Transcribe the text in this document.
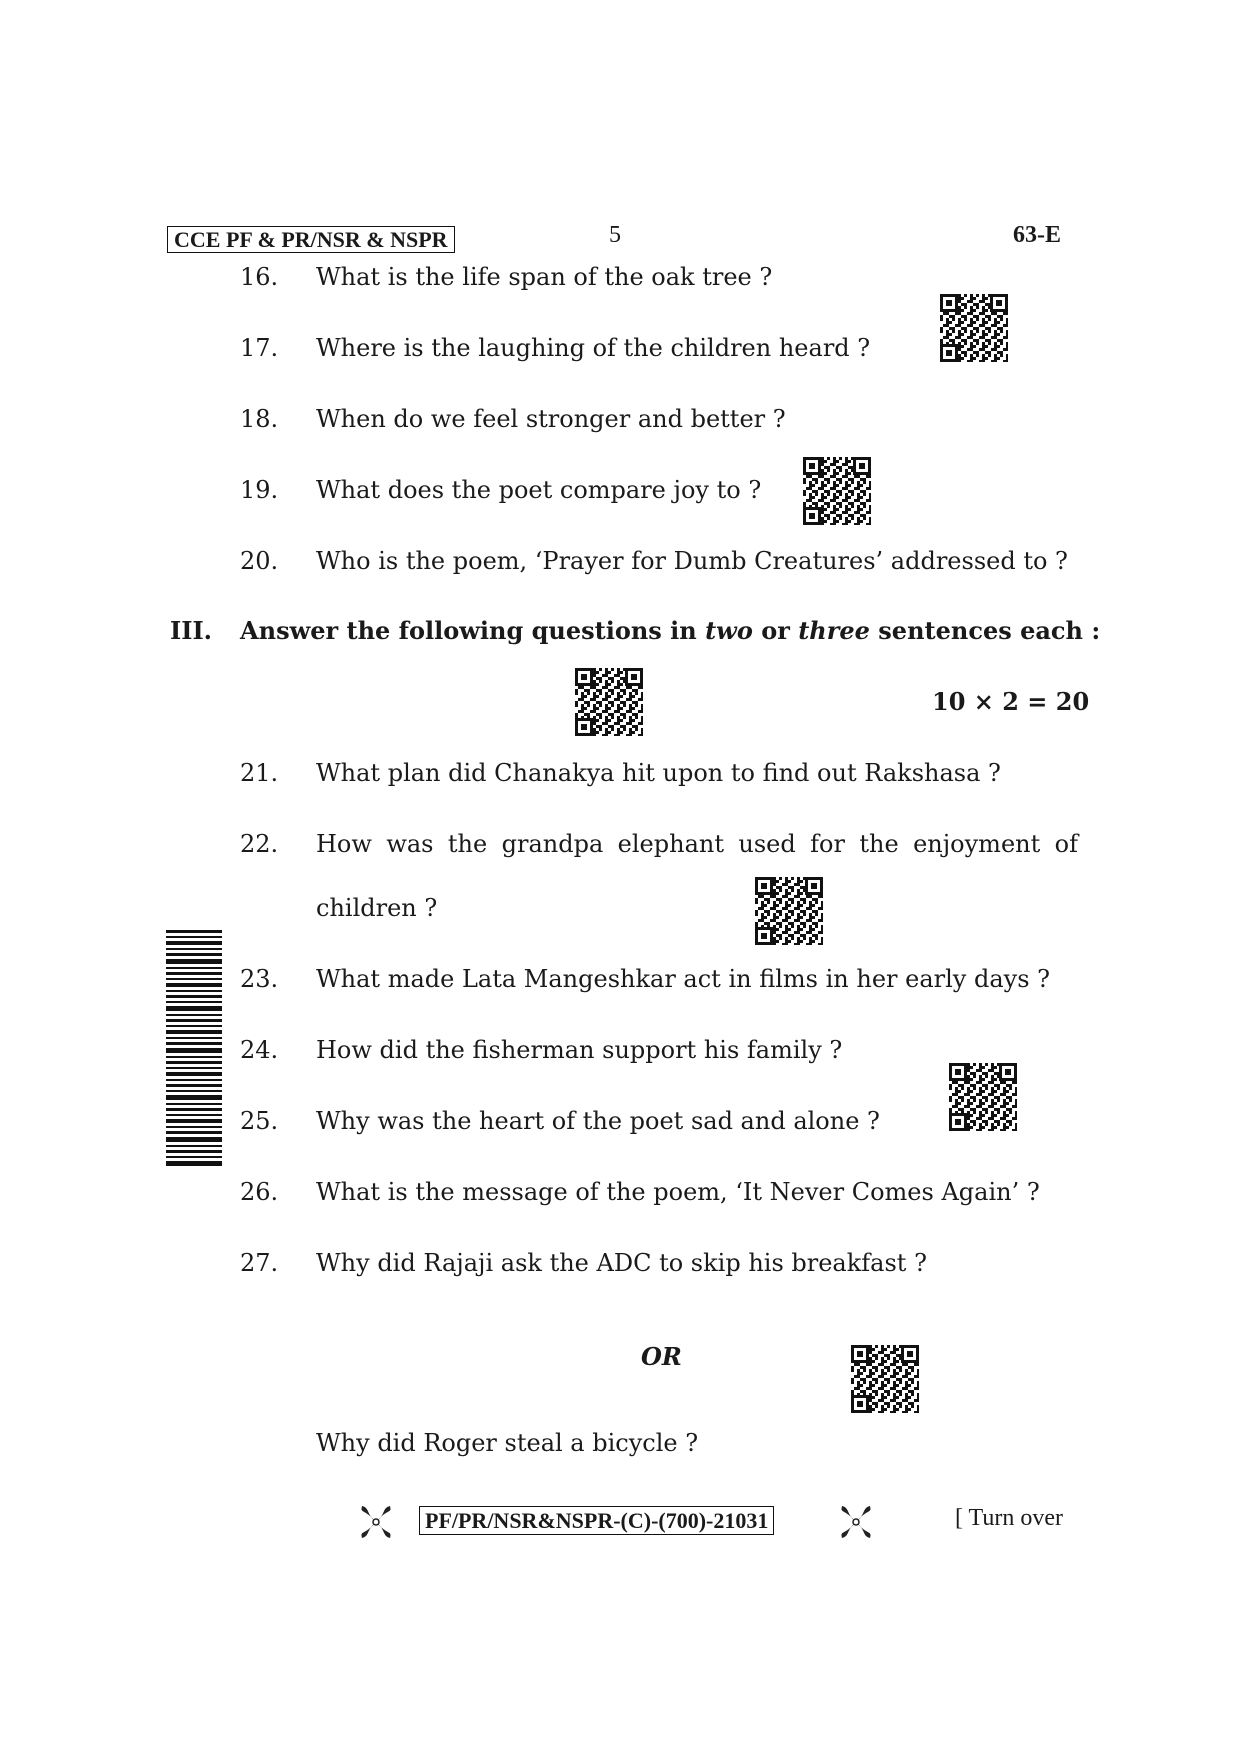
CCE PF & PR/NSR & NSPR	5	63-E
16. What is the life span of the oak tree ?
17. Where is the laughing of the children heard ?
18. When do we feel stronger and better ?
19. What does the poet compare joy to ?
20. Who is the poem, ‘Prayer for Dumb Creatures’ addressed to ?
III. Answer the following questions in two or three sentences each :
10 × 2 = 20
21. What plan did Chanakya hit upon to find out Rakshasa ?
22. How was the grandpa elephant used for the enjoyment of
children ?
23. What made Lata Mangeshkar act in films in her early days ?
24. How did the fisherman support his family ?
25. Why was the heart of the poet sad and alone ?
26. What is the message of the poem, ‘It Never Comes Again’ ?
27. Why did Rajaji ask the ADC to skip his breakfast ?
OR
Why did Roger steal a bicycle ?
PF/PR/NSR&NSPR-(C)-(700)-21031	[ Turn over
